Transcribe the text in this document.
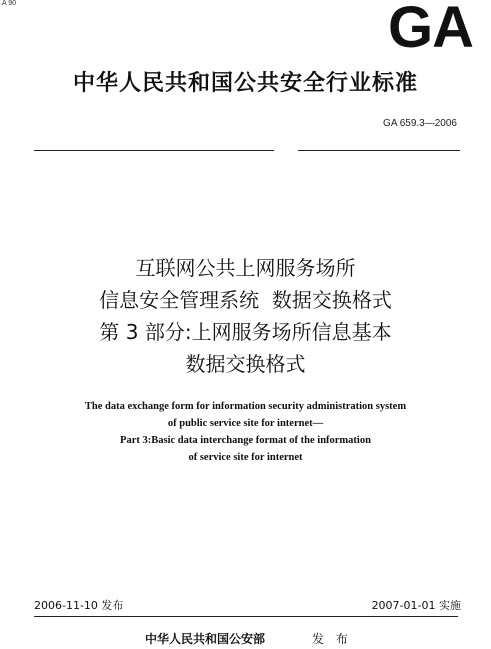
A 90	GA
中华人民共和国公共安全行业标准
GA 659.3—2006
互联网公共上网服务场所
信息安全管理系统  数据交换格式
第 3 部分:上网服务场所信息基本
数据交换格式
The data exchange form for information security administration system
of public service site for internet—
Part 3:Basic data interchange format of the information
of service site for internet
2006-11-10 发布	2007-01-01 实施
中华人民共和国公安部	发 布
